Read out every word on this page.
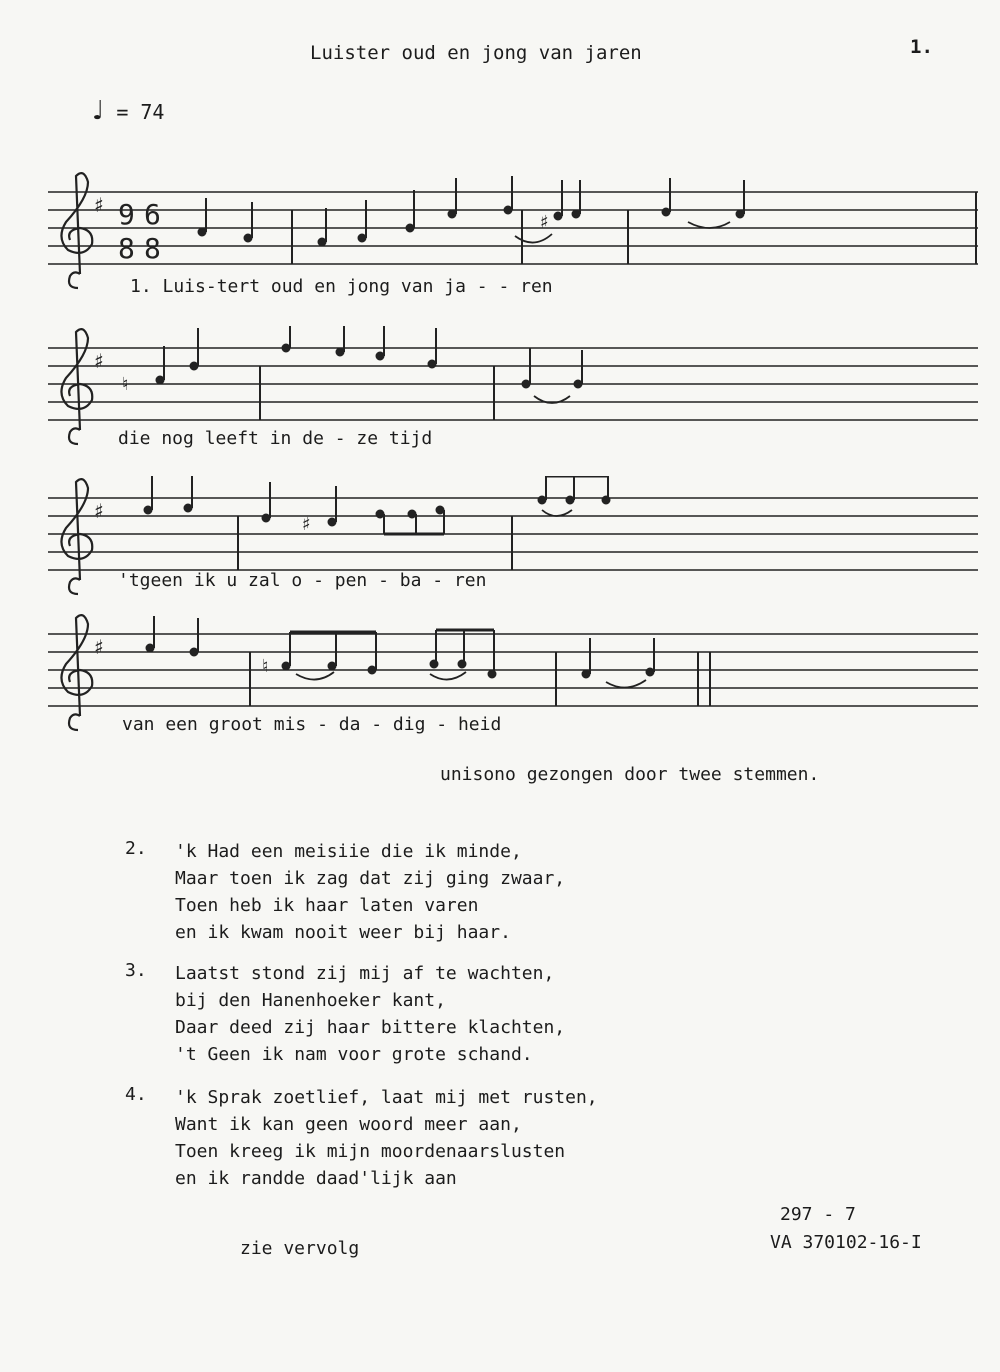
Luister oud en jong van jaren	1.
♩ = 74
♯ 9 6
8 8
♯
1. Luis-tert oud en jong van ja - - ren
♯
♮
die nog leeft in de - ze tijd
♯
♯
'tgeen ik u zal o - pen - ba - ren
♯
♮
van een groot mis - da - dig - heid
unisono gezongen door twee stemmen.
2.	'k Had een meisiie die ik minde,
Maar toen ik zag dat zij ging zwaar,
Toen heb ik haar laten varen
en ik kwam nooit weer bij haar.
3.	Laatst stond zij mij af te wachten,
bij den Hanenhoeker kant,
Daar deed zij haar bittere klachten,
't Geen ik nam voor grote schand.
4.	'k Sprak zoetlief, laat mij met rusten,
Want ik kan geen woord meer aan,
Toen kreeg ik mijn moordenaarslusten
en ik randde daad'lijk aan
zie vervolg
297 - 7
VA 370102-16-I
